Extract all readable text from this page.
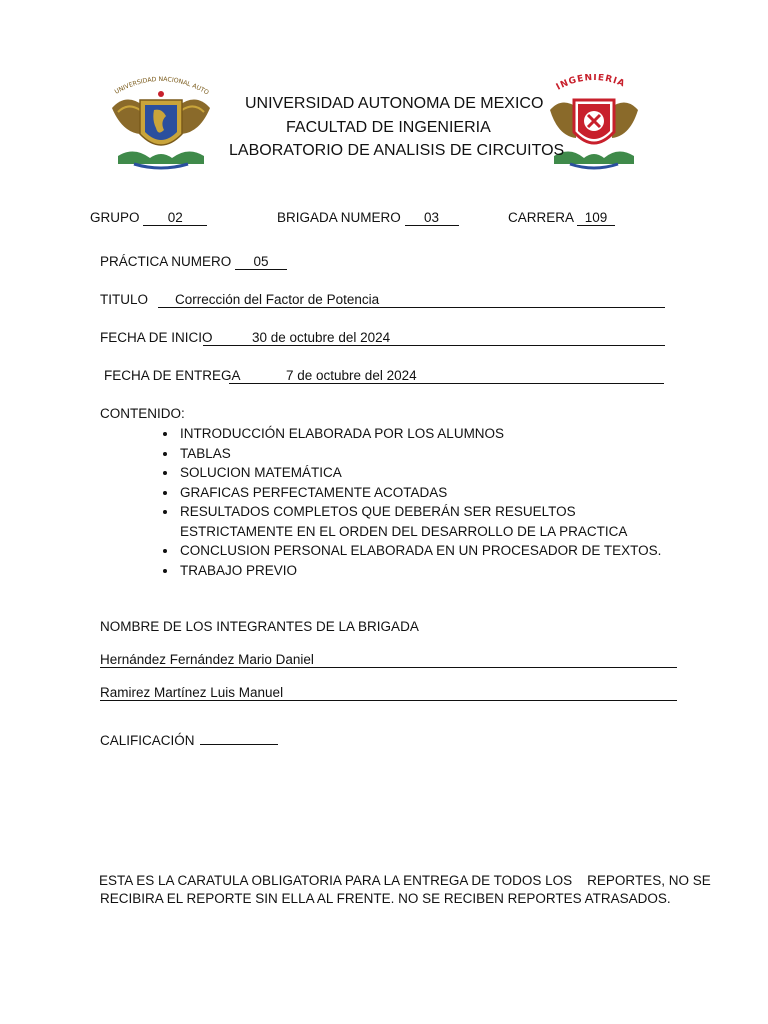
UNIVERSIDAD NACIONAL AUTO	INGENIERIA
UNIVERSIDAD AUTONOMA DE MEXICO
FACULTAD DE INGENIERIA
LABORATORIO DE ANALISIS DE CIRCUITOS
GRUPO 02	BRIGADA NUMERO 03	CARRERA 109
PRÁCTICA NUMERO 05
TITULO Corrección del Factor de Potencia
FECHA DE INICIO	30 de octubre del 2024
FECHA DE ENTREGA	7 de octubre del 2024
CONTENIDO:
• INTRODUCCIÓN ELABORADA POR LOS ALUMNOS
• TABLAS
• SOLUCION MATEMÁTICA
• GRAFICAS PERFECTAMENTE ACOTADAS
• RESULTADOS COMPLETOS QUE DEBERÁN SER RESUELTOS ESTRICTAMENTE EN EL ORDEN DEL DESARROLLO DE LA PRACTICA
• CONCLUSION PERSONAL ELABORADA EN UN PROCESADOR DE TEXTOS.
• TRABAJO PREVIO
NOMBRE DE LOS INTEGRANTES DE LA BRIGADA
Hernández Fernández Mario Daniel
Ramirez Martínez Luis Manuel
CALIFICACIÓN
ESTA ES LA CARATULA OBLIGATORIA PARA LA ENTREGA DE TODOS LOS    REPORTES, NO SE
RECIBIRA EL REPORTE SIN ELLA AL FRENTE. NO SE RECIBEN REPORTES ATRASADOS.
